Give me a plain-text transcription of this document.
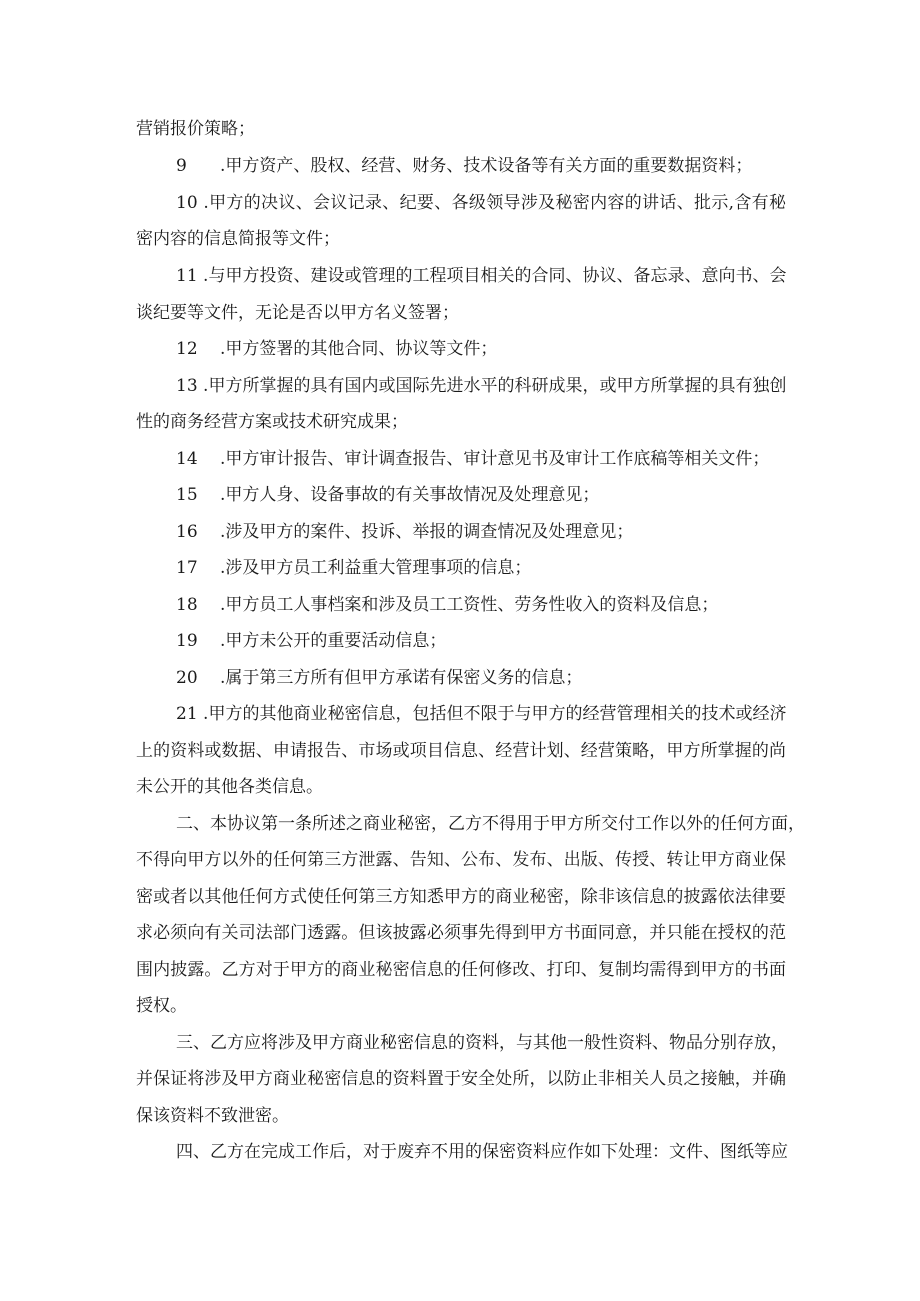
营销报价策略；
9 .甲方资产、股权、经营、财务、技术设备等有关方面的重要数据资料；
10 .甲方的决议、会议记录、纪要、各级领导涉及秘密内容的讲话、批示,含有秘
密内容的信息简报等文件；
11 .与甲方投资、建设或管理的工程项目相关的合同、协议、备忘录、意向书、会
谈纪要等文件，无论是否以甲方名义签署；
12 .甲方签署的其他合同、协议等文件；
13 .甲方所掌握的具有国内或国际先进水平的科研成果，或甲方所掌握的具有独创
性的商务经营方案或技术研究成果；
14 .甲方审计报告、审计调查报告、审计意见书及审计工作底稿等相关文件；
15 .甲方人身、设备事故的有关事故情况及处理意见；
16 .涉及甲方的案件、投诉、举报的调查情况及处理意见；
17 .涉及甲方员工利益重大管理事项的信息；
18 .甲方员工人事档案和涉及员工工资性、劳务性收入的资料及信息；
19 .甲方未公开的重要活动信息；
20 .属于第三方所有但甲方承诺有保密义务的信息；
21 .甲方的其他商业秘密信息，包括但不限于与甲方的经营管理相关的技术或经济
上的资料或数据、申请报告、市场或项目信息、经营计划、经营策略，甲方所掌握的尚
未公开的其他各类信息。
二、本协议第一条所述之商业秘密，乙方不得用于甲方所交付工作以外的任何方面，
不得向甲方以外的任何第三方泄露、告知、公布、发布、出版、传授、转让甲方商业保
密或者以其他任何方式使任何第三方知悉甲方的商业秘密，除非该信息的披露依法律要
求必须向有关司法部门透露。但该披露必须事先得到甲方书面同意，并只能在授权的范
围内披露。乙方对于甲方的商业秘密信息的任何修改、打印、复制均需得到甲方的书面
授权。
三、乙方应将涉及甲方商业秘密信息的资料，与其他一般性资料、物品分别存放，
并保证将涉及甲方商业秘密信息的资料置于安全处所，以防止非相关人员之接触，并确
保该资料不致泄密。
四、乙方在完成工作后，对于废弃不用的保密资料应作如下处理：文件、图纸等应
